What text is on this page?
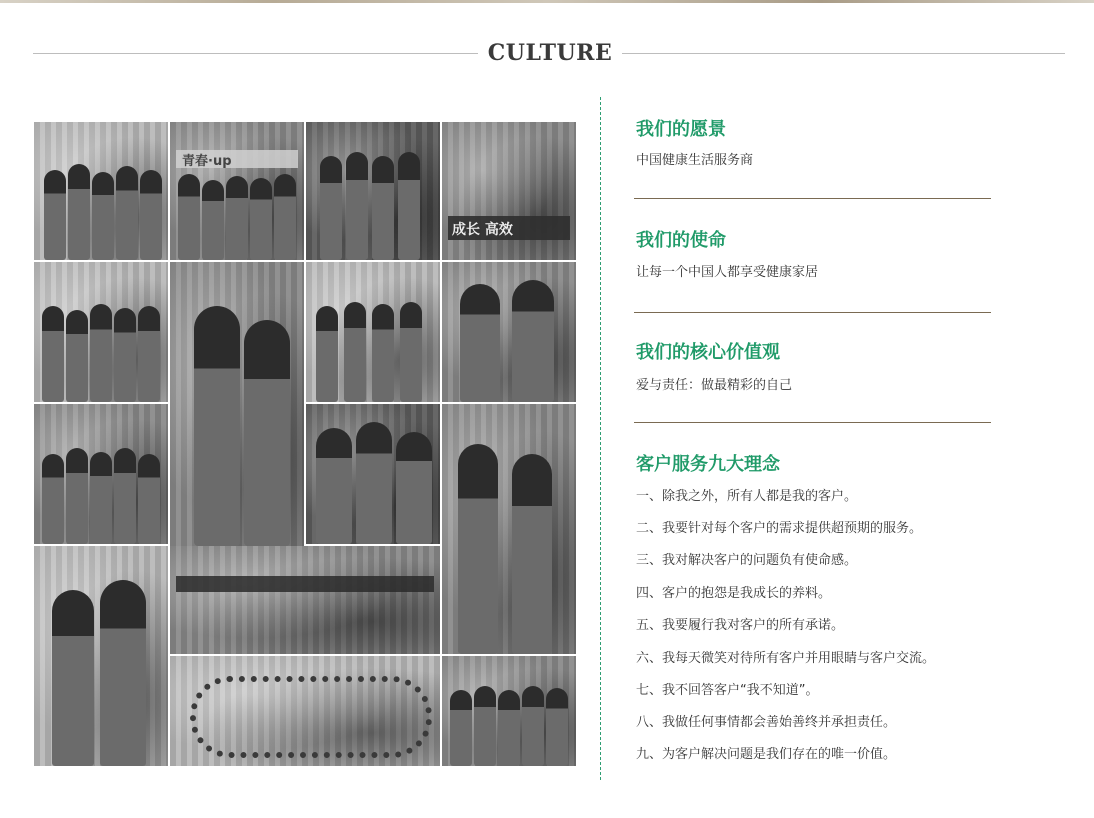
CULTURE
青春·up
成长 高效
我们的愿景
中国健康生活服务商
我们的使命
让每一个中国人都享受健康家居
我们的核心价值观
爱与责任：做最精彩的自己
客户服务九大理念
一、除我之外，所有人都是我的客户。
二、我要针对每个客户的需求提供超预期的服务。
三、我对解决客户的问题负有使命感。
四、客户的抱怨是我成长的养料。
五、我要履行我对客户的所有承诺。
六、我每天微笑对待所有客户并用眼睛与客户交流。
七、我不回答客户“我不知道”。
八、我做任何事情都会善始善终并承担责任。
九、为客户解决问题是我们存在的唯一价值。
